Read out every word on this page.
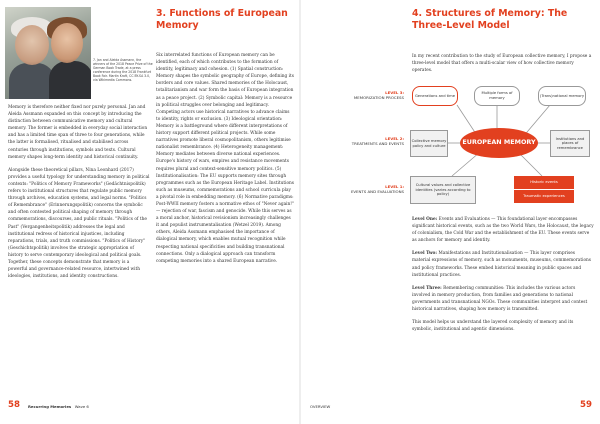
7. Jan and Aleida Assmann, the winners of the 2018 Peace Prize of the German Book Trade, at a press conference during the 2018 Frankfurt Book Fair. Martin Kraft, CC BY-SA 3.0, via Wikimedia Commons.

Memory is therefore neither fixed nor purely personal. Jan and Aleida Assmann expanded on this concept by introducing the distinction between communicative memory and cultural memory. The former is embedded in everyday social interaction and has a limited time span of three to four generations, while the latter is formalised, ritualised and stabilised across centuries through institutions, symbols and texts. Cultural memory shapes long-term identity and historical continuity.

Alongside these theoretical pillars, Nina Leonhard (2017) provides a useful typology for understanding memory in political contexts: "Politics of Memory Frameworks" (Gedächtnispolitik) refers to institutional structures that regulate public memory through archives, education systems, and legal norms. "Politics of Remembrance" (Erinnerungspolitik) concerns the symbolic and often contested political shaping of memory through commemorations, discourses, and public rituals. "Politics of the Past" (Vergangenheitspolitik) addresses the legal and institutional redress of historical injustices, including reparations, trials, and truth commissions. "Politics of History" (Geschichtspolitik) involves the strategic appropriation of history to serve contemporary ideological and political goals. Together, these concepts demonstrate that memory is a powerful and governance-related resource, intertwined with ideologies, institutions, and identity constructions.

3. Functions of European Memory

Six interrelated functions of European memory can be identified, each of which contributes to the formation of identity, legitimacy and cohesion. (1) Spatial construction: Memory shapes the symbolic geography of Europe, defining its borders and core values. Shared memories of the Holocaust, totalitarianism and war form the basis of European integration as a peace project. (2) Symbolic capital: Memory is a resource in political struggles over belonging and legitimacy. Competing actors use historical narratives to advance claims to identity, rights or exclusion. (3) Ideological orientation: Memory is a battleground where different interpretations of history support different political projects. While some narratives promote liberal cosmopolitanism, others legitimise nationalist remembrance. (4) Heterogeneity management: Memory mediates between diverse national experiences. Europe's history of wars, empires and resistance movements requires plural and context-sensitive memory politics. (5) Institutionalisation: The EU supports memory sites through programmes such as the European Heritage Label. Institutions such as museums, commemorations and school curricula play a pivotal role in embedding memory. (6) Normative paradigms: Post-WWII memory fosters a normative ethos of "Never again!" — rejection of war, fascism and genocide. While this serves as a moral anchor, historical revisionism increasingly challenges it and populist instrumentalisation (Wetzel 2019). Among others, Aleida Assmann emphasised the importance of dialogical memory, which enables mutual recognition while respecting national specificities and building transnational connections. Only a dialogical approach can transform competing memories into a shared European narrative.

58 Recurring Memories Wave 6
4. Structures of Memory: The Three-Level Model

In my recent contribution to the study of European collective memory, I propose a three-level model that offers a multi-scalar view of how collective memory operates.

LEVEL 3:
MEMORIZATION PROCESS
LEVEL 2:
TREATMENTS AND EVENTS
LEVEL 1:
EVENTS AND EVALUATIONS
Generations and time
Multiple forms of memory
(Trans)national memory
Collective memory policy and culture	EUROPEAN MEMORY	Institutions and places of remembrance
Cultural values and collective identities (varies according to policy)
Historic events
Traumatic experiences

Level One: Events and Evaluations — This foundational layer encompasses significant historical events, such as the two World Wars, the Holocaust, the legacy of colonialism, the Cold War and the establishment of the EU. These events serve as anchors for memory and identity.

Level Two: Manifestations and Institutionalisation — This layer comprises material expressions of memory, such as monuments, museums, commemorations and policy frameworks. These embed historical meaning in public spaces and institutional practices.

Level Three: Remembering communities: This includes the various actors involved in memory production, from families and generations to national governments and transnational NGOs. These communities interpret and contest historical narratives, shaping how memory is transmitted.

This model helps us understand the layered complexity of memory and its symbolic, institutional and agentic dimensions.

OVERVIEW	59
